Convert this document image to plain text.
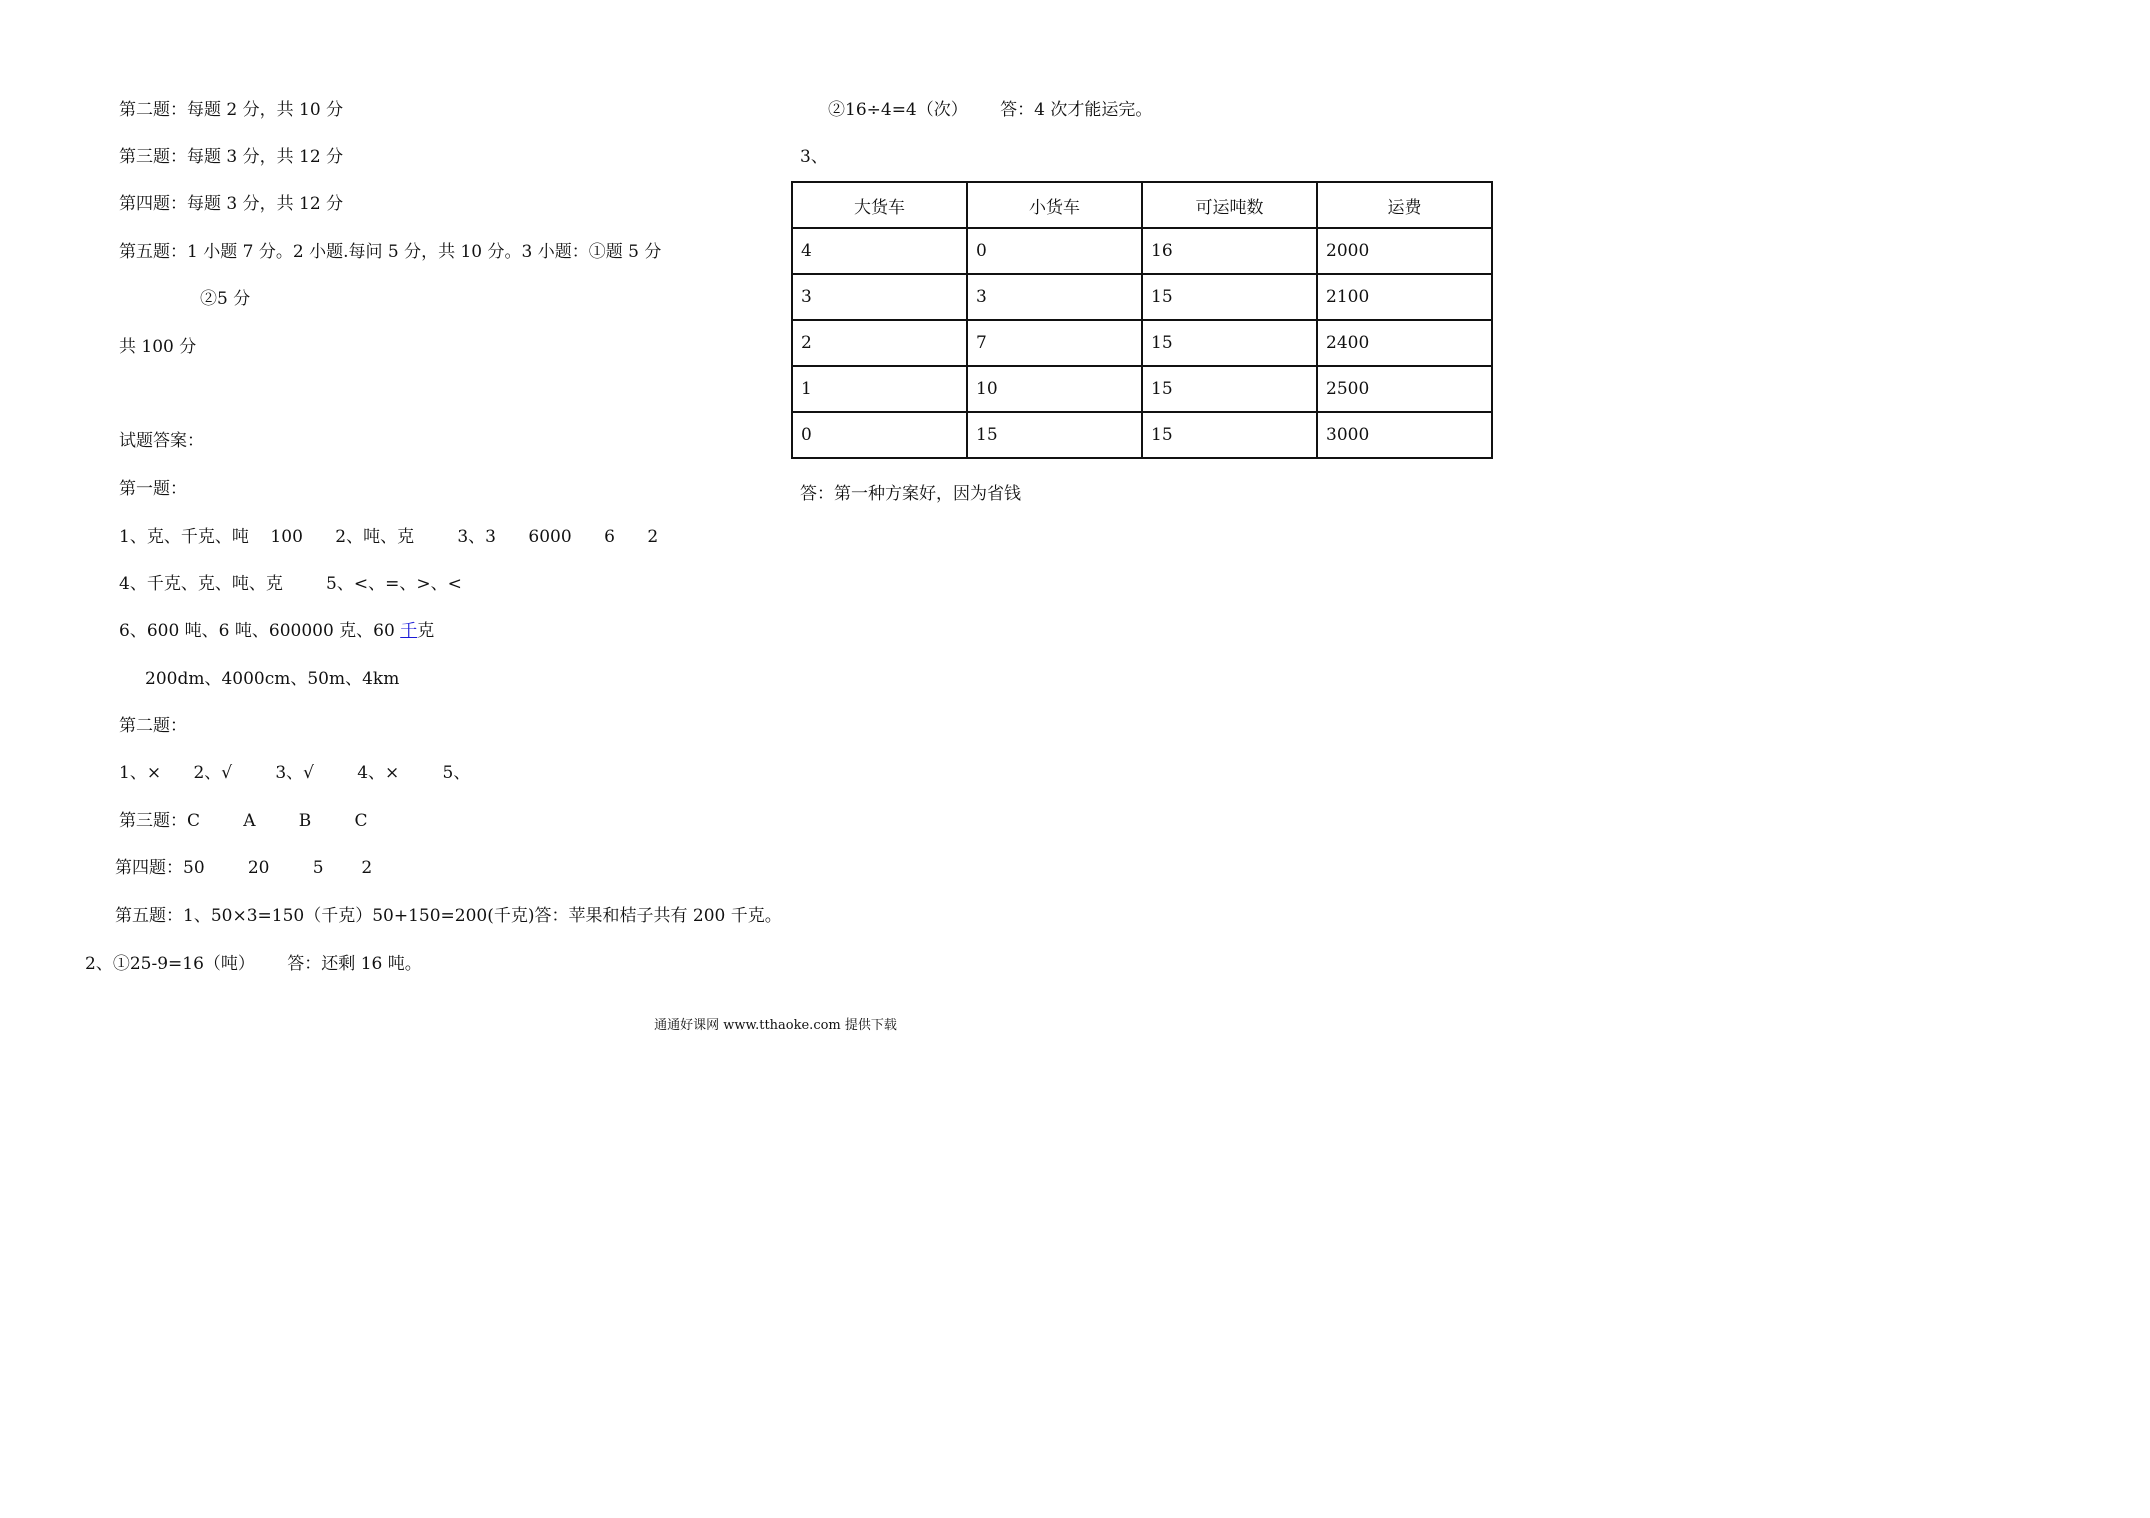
第二题：每题 2 分，共 10 分
第三题：每题 3 分，共 12 分
第四题：每题 3 分，共 12 分
第五题：1 小题 7 分。2 小题.每问 5 分，共 10 分。3 小题：①题 5 分
②5 分
共 100 分
试题答案：
第一题：
1、克、千克、吨    100      2、吨、克        3、3      6000      6      2
4、千克、克、吨、克        5、<、=、>、<
6、600 吨、6 吨、600000 克、60 千克
200dm、4000cm、50m、4km
第二题：
1、×      2、√        3、√        4、×        5、
第三题：C        A        B        C
第四题：50        20        5       2
第五题：1、50×3=150（千克）50+150=200(千克)答：苹果和桔子共有 200 千克。
2、①25-9=16（吨）      答：还剩 16 吨。
②16÷4=4（次）      答：4 次才能运完。
3、
大货车	小货车	可运吨数	运费
4	0	16	2000
3	3	15	2100
2	7	15	2400
1	10	15	2500
0	15	15	3000
答：第一种方案好，因为省钱
通通好课网 www.tthaoke.com 提供下载
